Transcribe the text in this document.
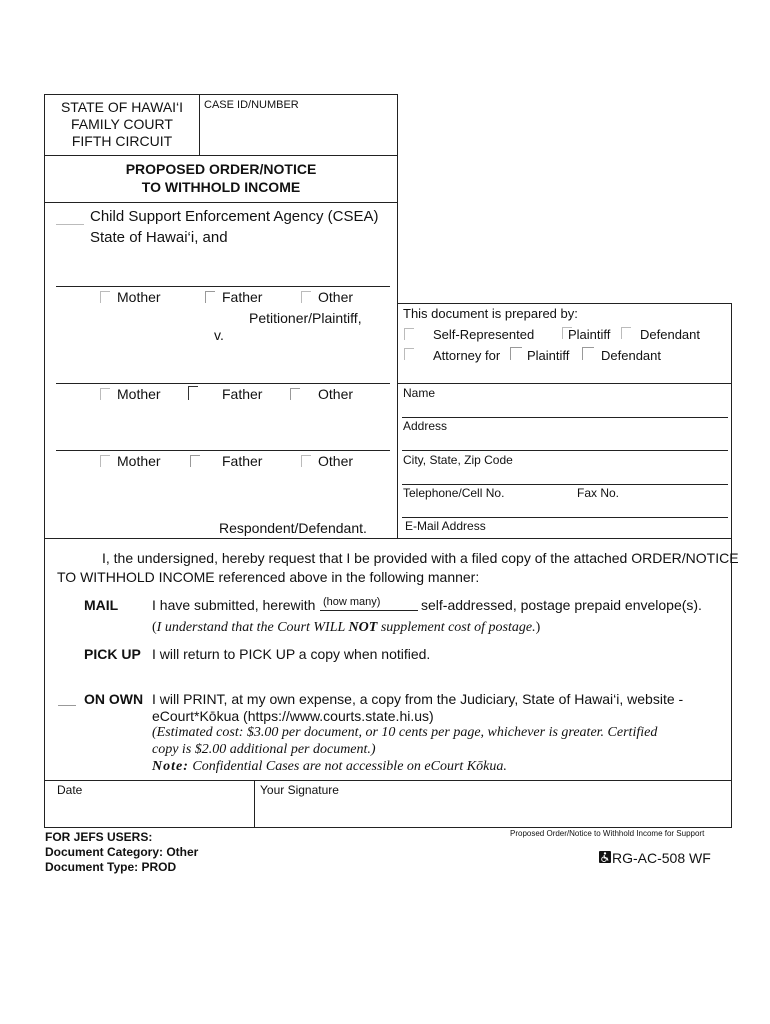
STATE OF HAWAI‘I
FAMILY COURT
FIFTH CIRCUIT
CASE ID/NUMBER
PROPOSED ORDER/NOTICE
TO WITHHOLD INCOME
Child Support Enforcement Agency (CSEA)
State of Hawai‘i, and
Mother	Father	Other
Petitioner/Plaintiff,
v.
Mother	Father	Other
Mother	Father	Other
Respondent/Defendant.
This document is prepared by:
Self-Represented	Plaintiff Defendant
Attorney for Plaintiff Defendant
Name
Address
City, State, Zip Code
Telephone/Cell No.	Fax No.
E-Mail Address
I, the undersigned, hereby request that I be provided with a filed copy of the attached ORDER/NOTICE
TO WITHHOLD INCOME referenced above in the following manner:
MAIL I have submitted, herewith (how many)	self-addressed, postage prepaid envelope(s).
(I understand that the Court WILL NOT supplement cost of postage.)
PICK UP I will return to PICK UP a copy when notified.
ON OWN I will PRINT, at my own expense, a copy from the Judiciary, State of Hawai‘i, website -
eCourt*Kōkua (https://www.courts.state.hi.us)
(Estimated cost: $3.00 per document, or 10 cents per page, whichever is greater. Certified
copy is $2.00 additional per document.)
Note: Confidential Cases are not accessible on eCourt Kōkua.
Date	Your Signature
FOR JEFS USERS:
Document Category: Other
Document Type: PROD
Proposed Order/Notice to Withhold Income for Support
RG-AC-508 WF
